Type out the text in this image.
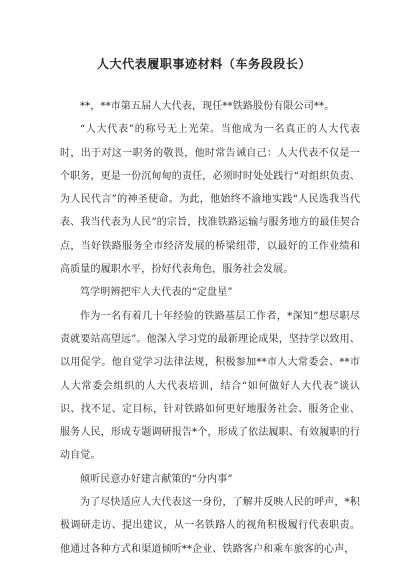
人大代表履职事迹材料（车务段段长）

**，**市第五届人大代表，现任**铁路股份有限公司**。

“人大代表”的称号无上光荣。当他成为一名真正的人大代表时，出于对这一职务的敬畏，他时常告诫自己：人大代表不仅是一个职务，更是一份沉甸甸的责任，必须时时处处践行“对组织负责、为人民代言”的神圣使命。为此，他始终不渝地实践“人民选我当代表、我当代表为人民”的宗旨，找准铁路运输与服务地方的最佳契合点，当好铁路服务全市经济发展的桥梁纽带，以最好的工作业绩和高质量的履职水平，扮好代表角色，服务社会发展。

笃学明辨把牢人大代表的“定盘星”

作为一名有着几十年经验的铁路基层工作者，*深知“想尽职尽责就要站高望远”。他深入学习党的最新理论成果，坚持学以致用、以用促学。他自觉学习法律法规，积极参加**市人大常委会、**市人大常委会组织的人大代表培训，结合“如何做好人大代表”谈认识、找不足、定目标，针对铁路如何更好地服务社会、服务企业、服务人民，形成专题调研报告*个，形成了依法履职、有效履职的行动自觉。

倾听民意办好建言献策的“分内事”

为了尽快适应人大代表这一身份，了解并反映人民的呼声，*积极调研走访、提出建议，从一名铁路人的视角积极履行代表职责。他通过各种方式和渠道倾听**企业、铁路客户和乘车旅客的心声，
